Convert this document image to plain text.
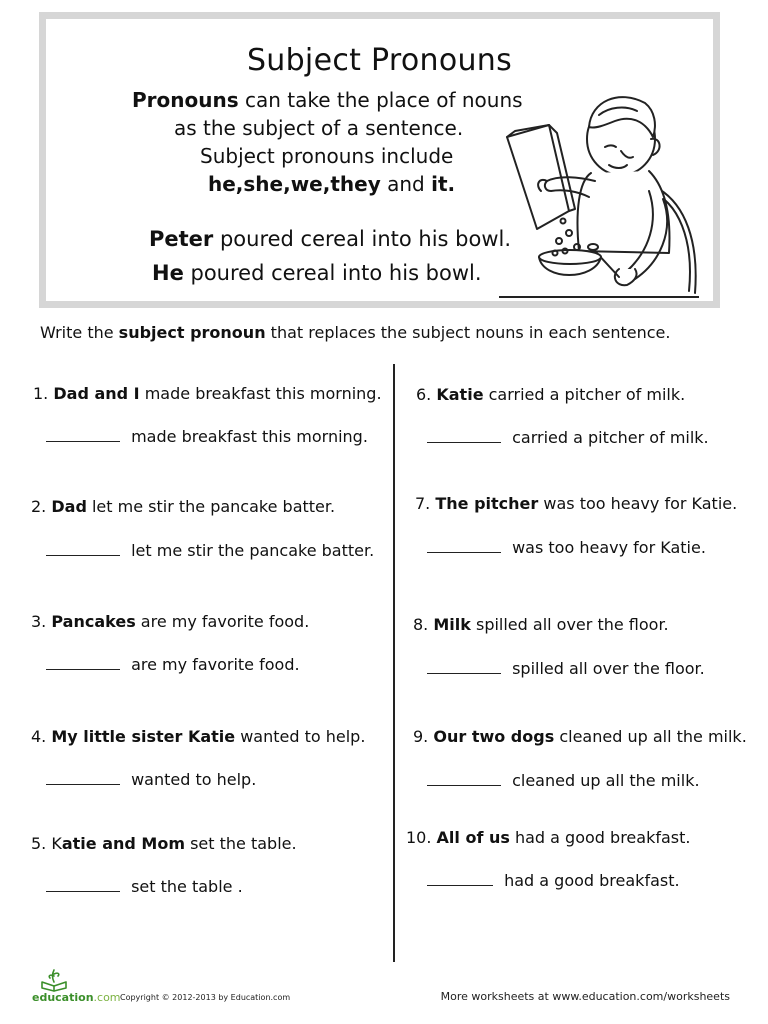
Subject Pronouns
Pronouns can take the place of nouns
as the subject of a sentence.
Subject pronouns include
he,she,we,they and it.
Peter poured cereal into his bowl.
He poured cereal into his bowl.
Write the subject pronoun that replaces the subject nouns in each sentence.
1. Dad and I made breakfast this morning.
made breakfast this morning.
2. Dad let me stir the pancake batter.
let me stir the pancake batter.
3. Pancakes are my favorite food.
are my favorite food.
4. My little sister Katie wanted to help.
wanted to help.
5. Katie and Mom set the table.
set the table .
6. Katie carried a pitcher of milk.
carried a pitcher of milk.
7. The pitcher was too heavy for Katie.
was too heavy for Katie.
8. Milk spilled all over the floor.
spilled all over the floor.
9. Our two dogs cleaned up all the milk.
cleaned up all the milk.
10. All of us had a good breakfast.
had a good breakfast.
education.com Copyright © 2012-2013 by Education.com	More worksheets at www.education.com/worksheets
